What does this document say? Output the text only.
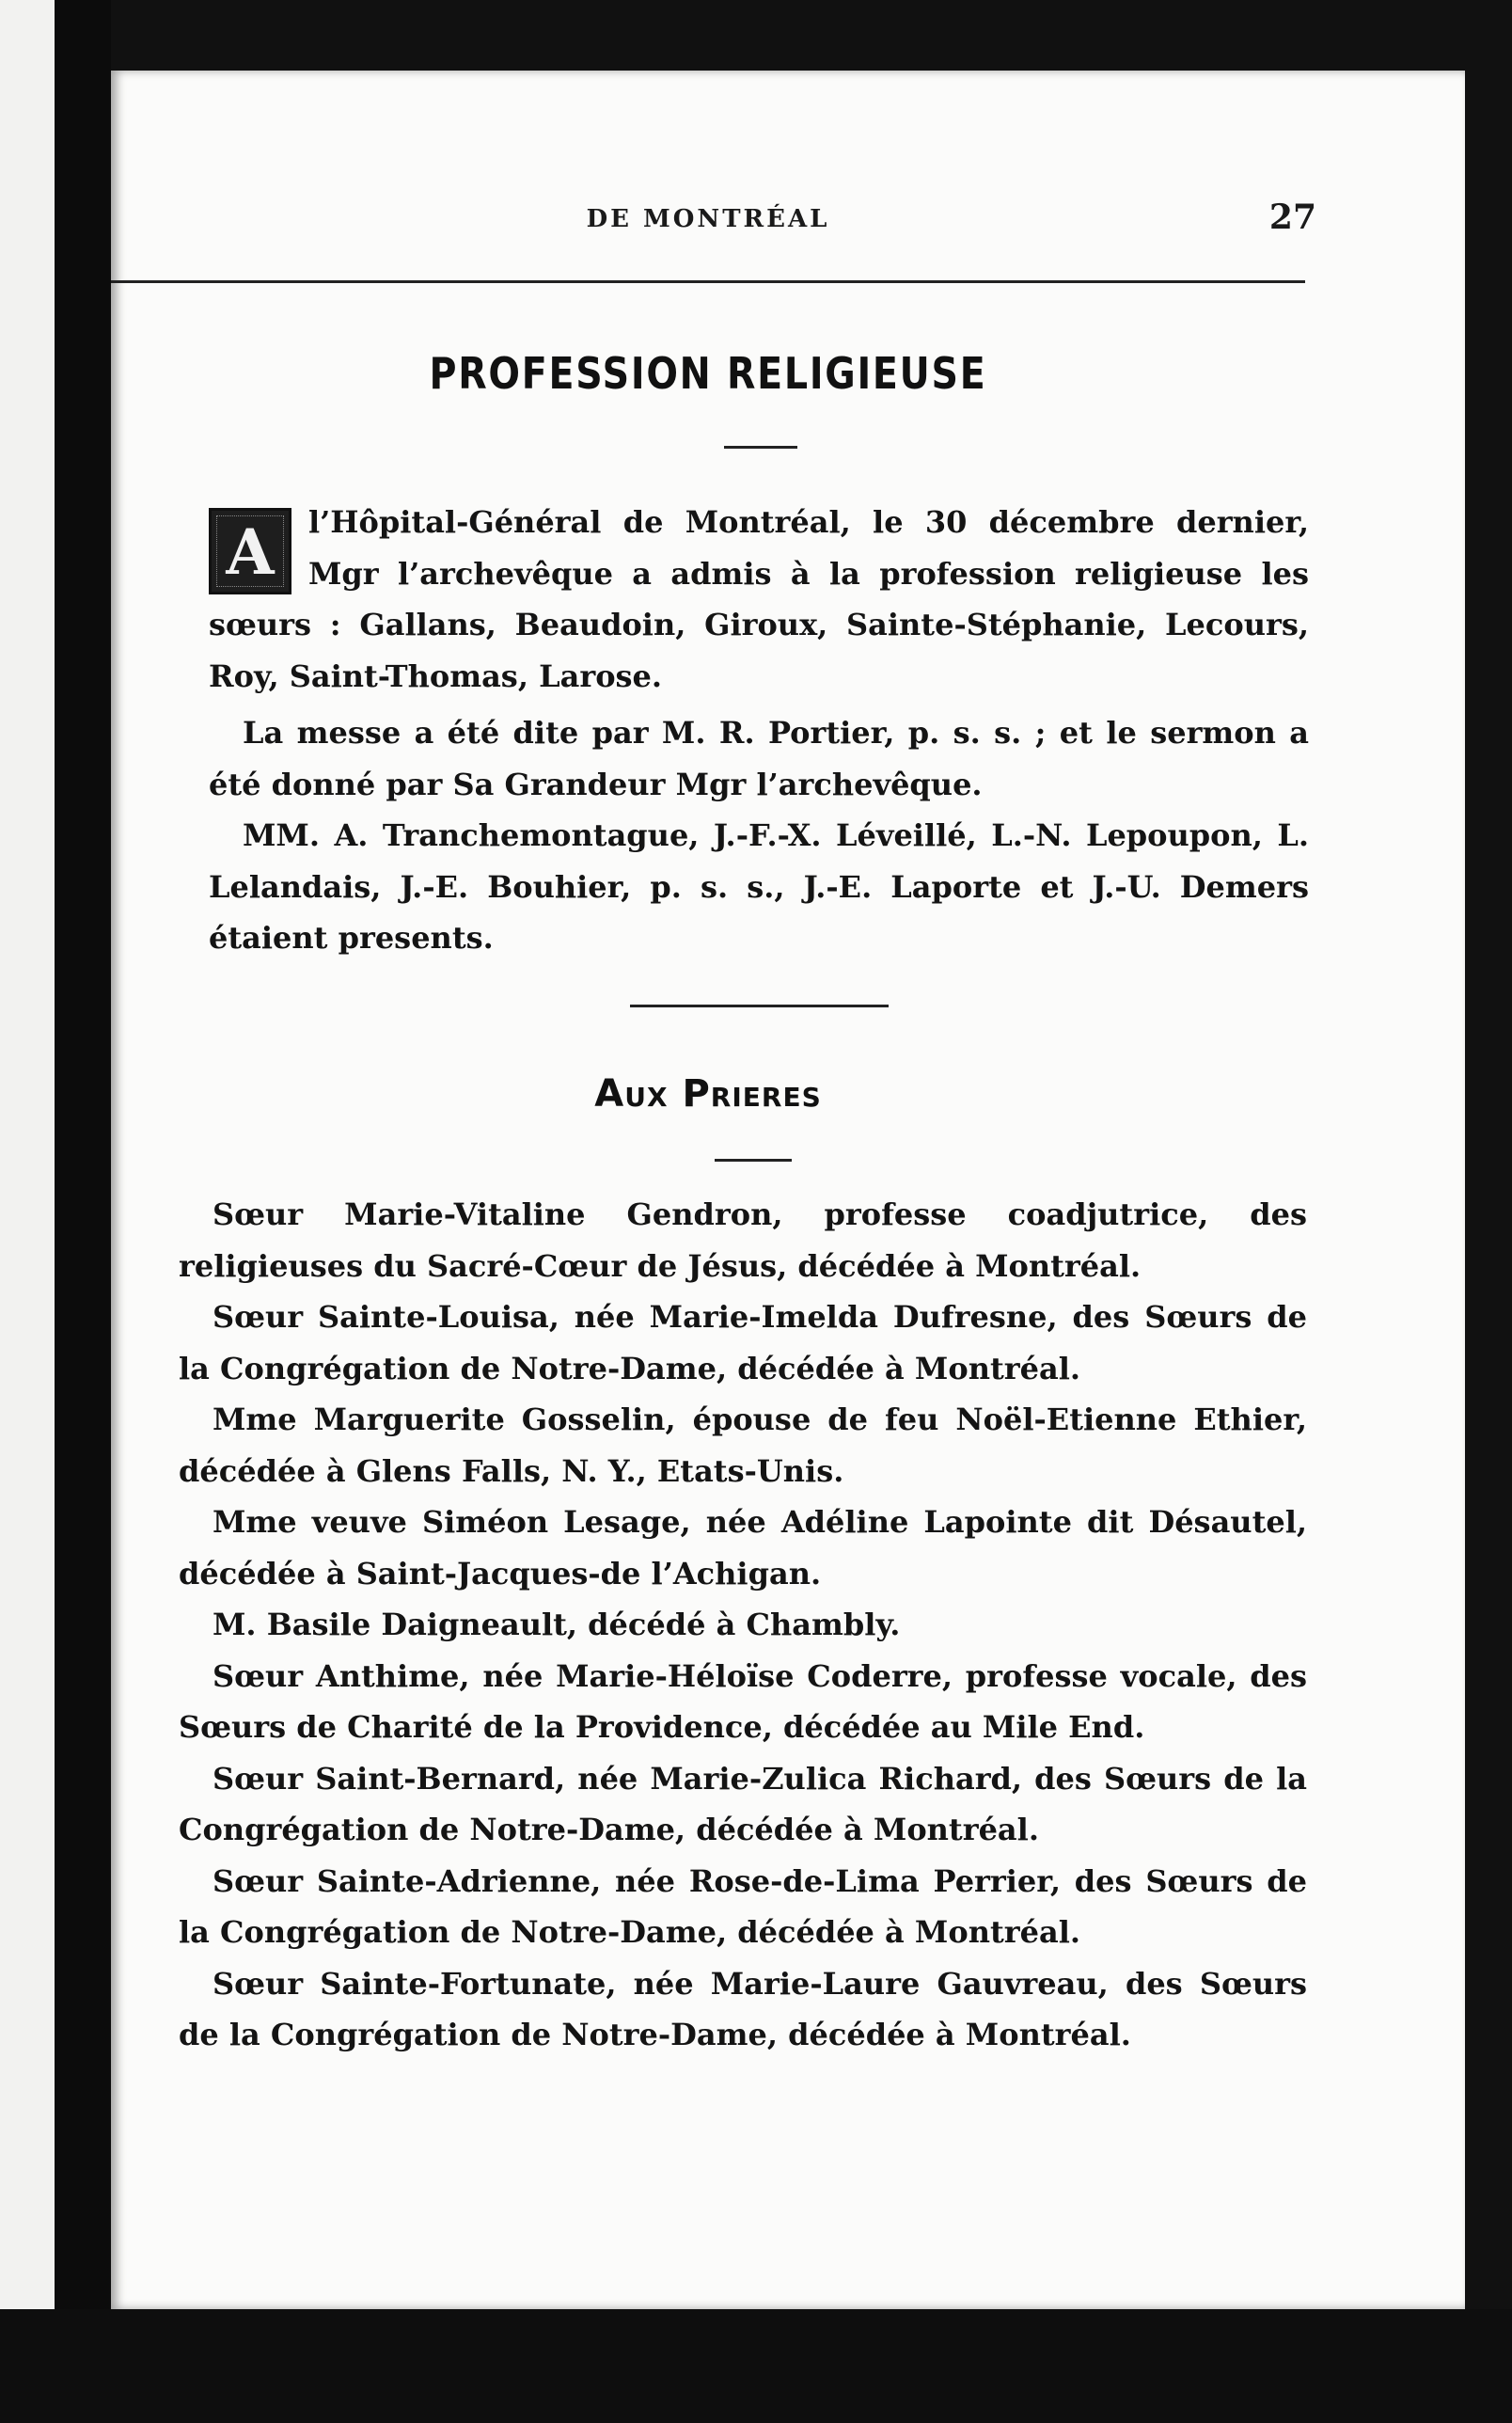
DE MONTRÉAL	27
PROFESSION RELIGIEUSE

A	l’Hôpital-Général de Montréal, le 30 décembre dernier, Mgr l’archevêque a admis à la profession religieuse les sœurs : Gallans, Beaudoin, Giroux, Sainte-Stéphanie, Lecours, Roy, Saint-Thomas, Larose.

La messe a été dite par M. R. Portier, p. s. s. ; et le sermon a été donné par Sa Grandeur Mgr l’archevêque.

MM. A. Tranchemontague, J.-F.-X. Léveillé, L.-N. Lepoupon, L. Lelandais, J.-E. Bouhier, p. s. s., J.-E. Laporte et J.-U. Demers étaient presents.

Aux Prieres

Sœur Marie-Vitaline Gendron, professe coadjutrice, des religieuses du Sacré-Cœur de Jésus, décédée à Montréal.

Sœur Sainte-Louisa, née Marie-Imelda Dufresne, des Sœurs de la Congrégation de Notre-Dame, décédée à Montréal.

Mme Marguerite Gosselin, épouse de feu Noël-Etienne Ethier, décédée à Glens Falls, N. Y., Etats-Unis.

Mme veuve Siméon Lesage, née Adéline Lapointe dit Désautel, décédée à Saint-Jacques-de l’Achigan.

M. Basile Daigneault, décédé à Chambly.

Sœur Anthime, née Marie-Héloïse Coderre, professe vocale, des Sœurs de Charité de la Providence, décédée au Mile End.

Sœur Saint-Bernard, née Marie-Zulica Richard, des Sœurs de la Congrégation de Notre-Dame, décédée à Montréal.

Sœur Sainte-Adrienne, née Rose-de-Lima Perrier, des Sœurs de la Congrégation de Notre-Dame, décédée à Montréal.

Sœur Sainte-Fortunate, née Marie-Laure Gauvreau, des Sœurs de la Congrégation de Notre-Dame, décédée à Montréal.
